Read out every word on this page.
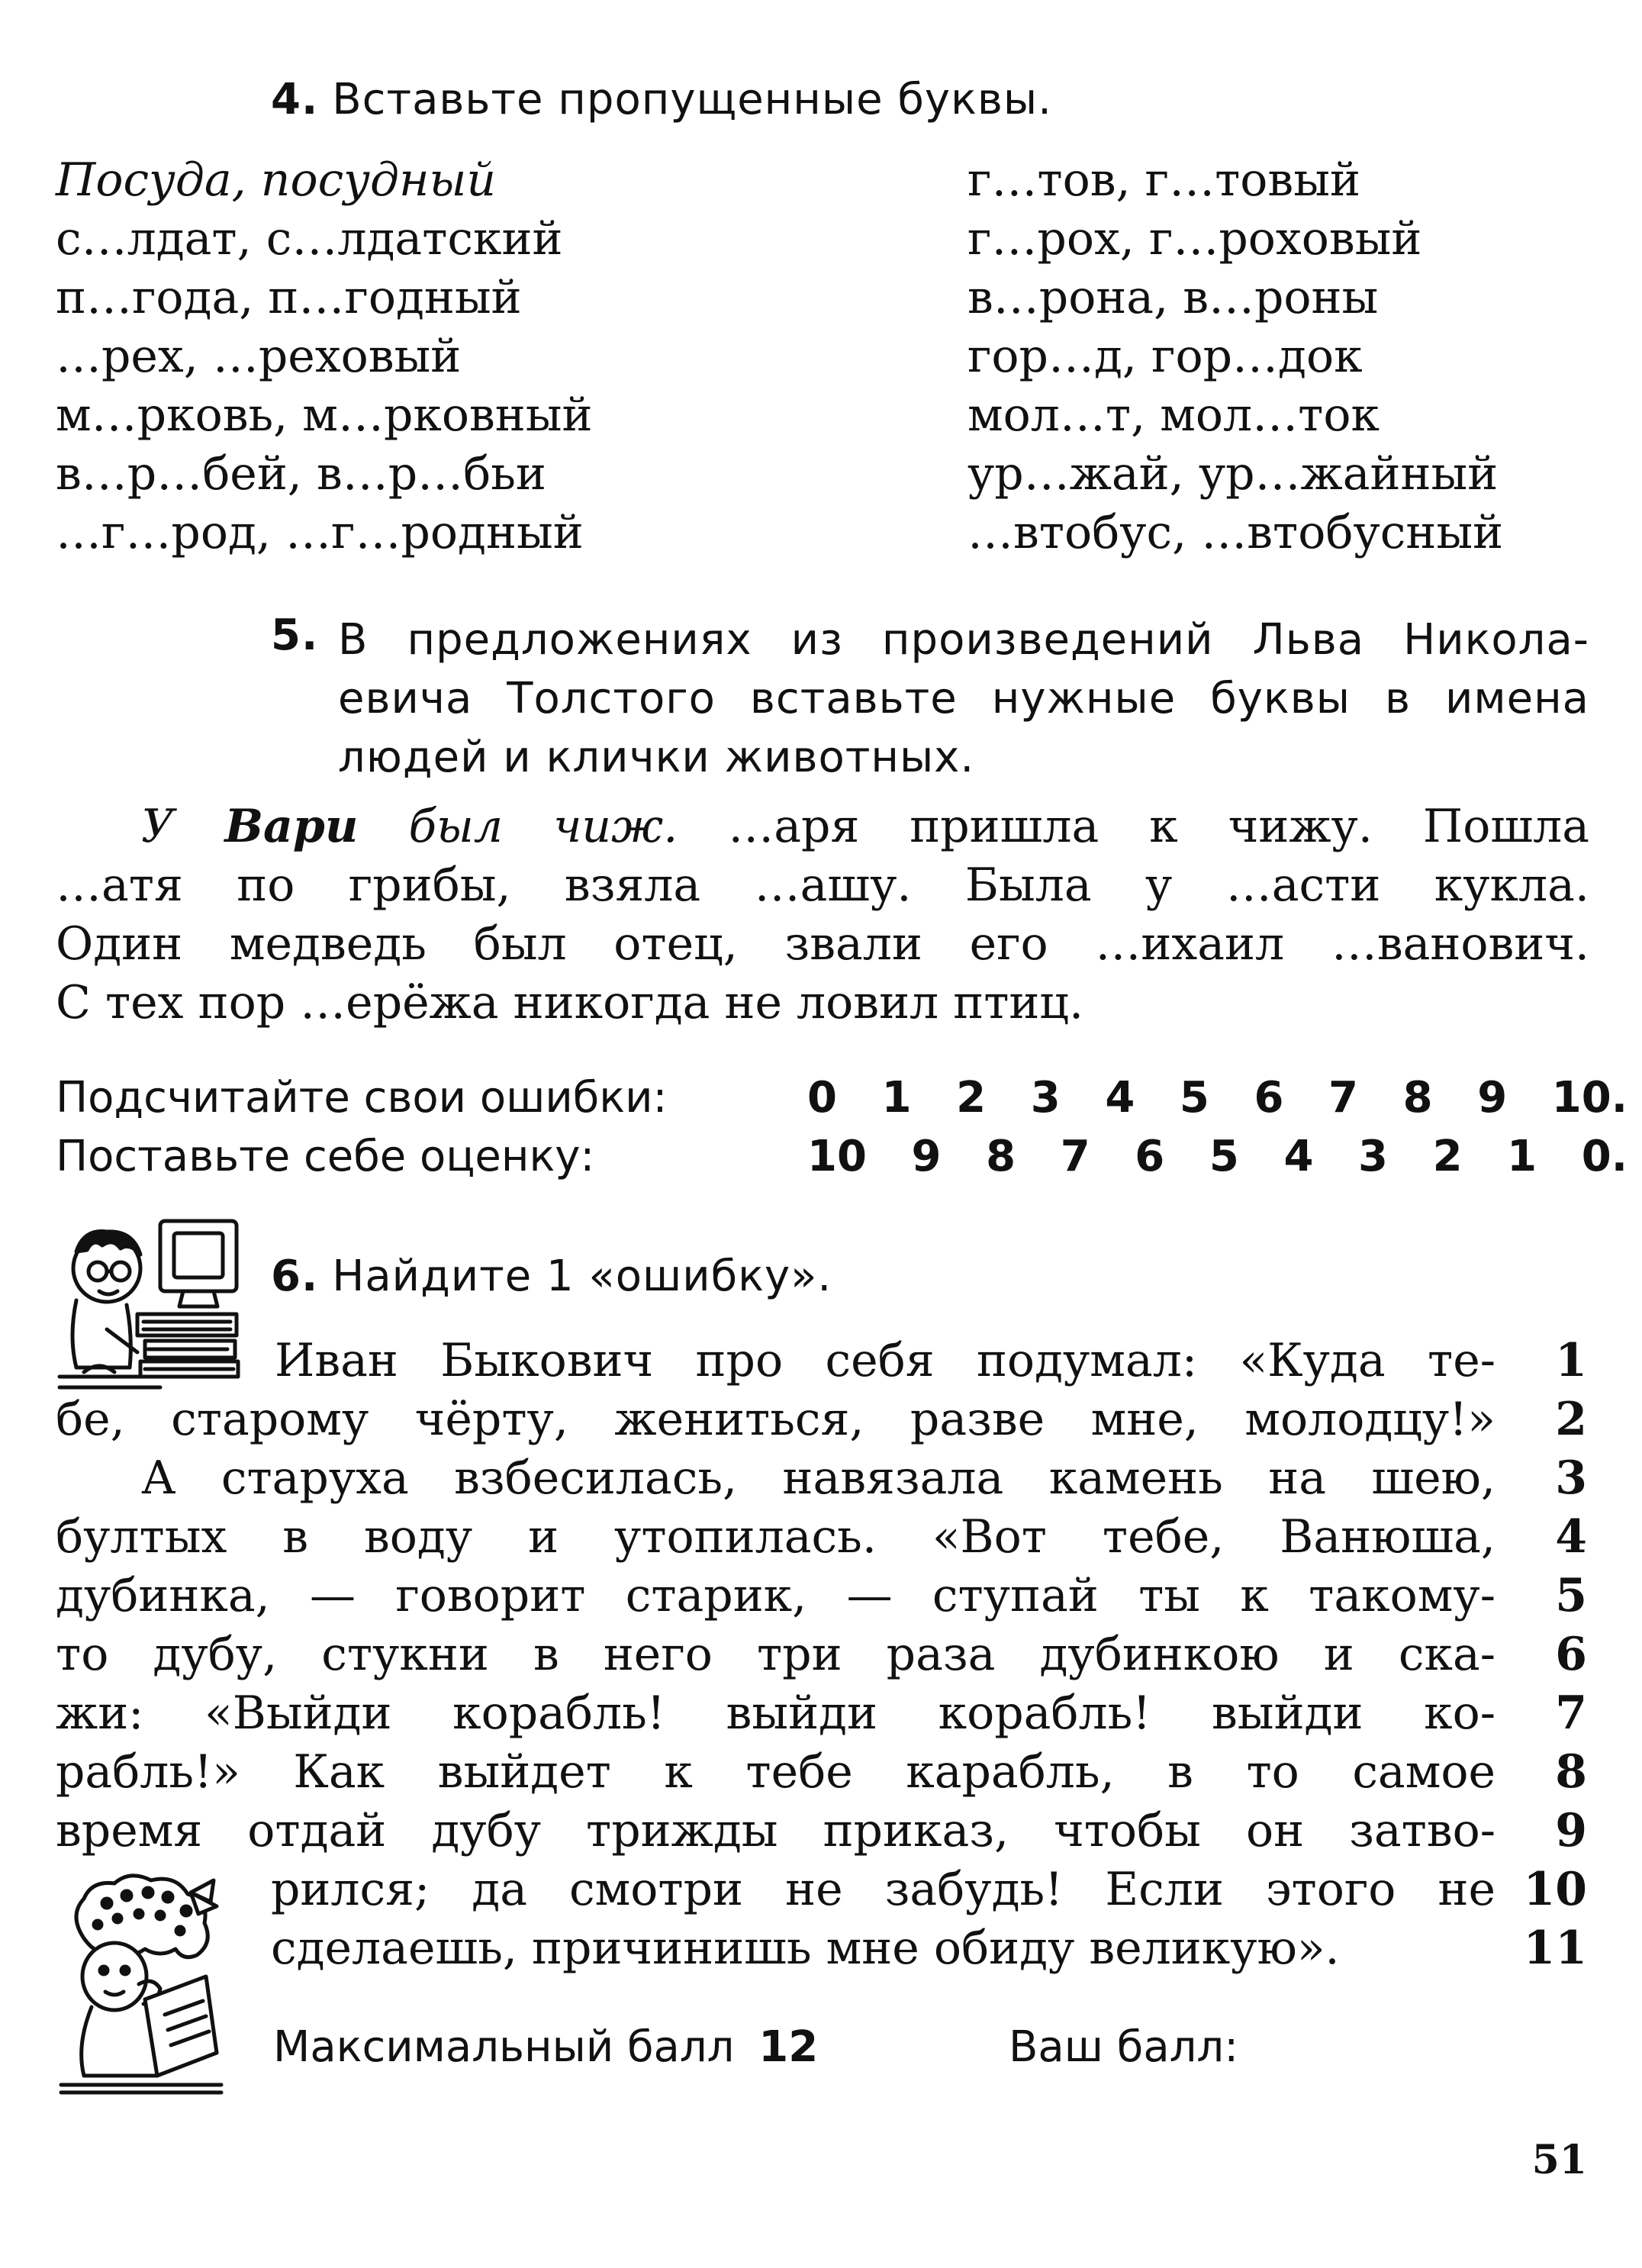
4. Вставьте пропущенные буквы.
Посуда, посудный
с…лдат, с…лдатский
п…года, п…годный
…рех, …реховый
м…рковь, м…рковный
в…р…бей, в…р…бьи
…г…род, …г…родный
г…тов, г…товый
г…рох, г…роховый
в…рона, в…роны
гор…д, гор…док
мол…т, мол…ток
ур…жай, ур…жайный
…втобус, …втобусный
5. В предложениях из произведений Льва Никола-
евича Толстого вставьте нужные буквы в имена
людей и клички животных.
У Вари был чиж. …аря пришла к чижу. Пошла
…атя по грибы, взяла …ашу. Была у …асти кукла.
Один медведь был отец, звали его …ихаил …ванович.
С тех пор …ерёжа никогда не ловил птиц.
Подсчитайте свои ошибки:	0 1 2 3 4 5 6 7 8 9 10.
Поставьте себе оценку:	10 9 8 7 6 5 4 3 2 1 0.
6. Найдите 1 «ошибку».
Иван Быкович про себя подумал: «Куда те-
бе, старому чёрту, жениться, разве мне, молодцу!»
А старуха взбесилась, навязала камень на шею,
бултых в воду и утопилась. «Вот тебе, Ванюша,
дубинка, — говорит старик, — ступай ты к такому-
то дубу, стукни в него три раза дубинкою и ска-
жи: «Выйди корабль! выйди корабль! выйди ко-
рабль!» Как выйдет к тебе карабль, в то самое
время отдай дубу трижды приказ, чтобы он затво-
рился; да смотри не забудь! Если этого не
сделаешь, причинишь мне обиду великую».
1
2
3
4
5
6
7
8
9
10
11
Максимальный балл 12	Ваш балл:
51
